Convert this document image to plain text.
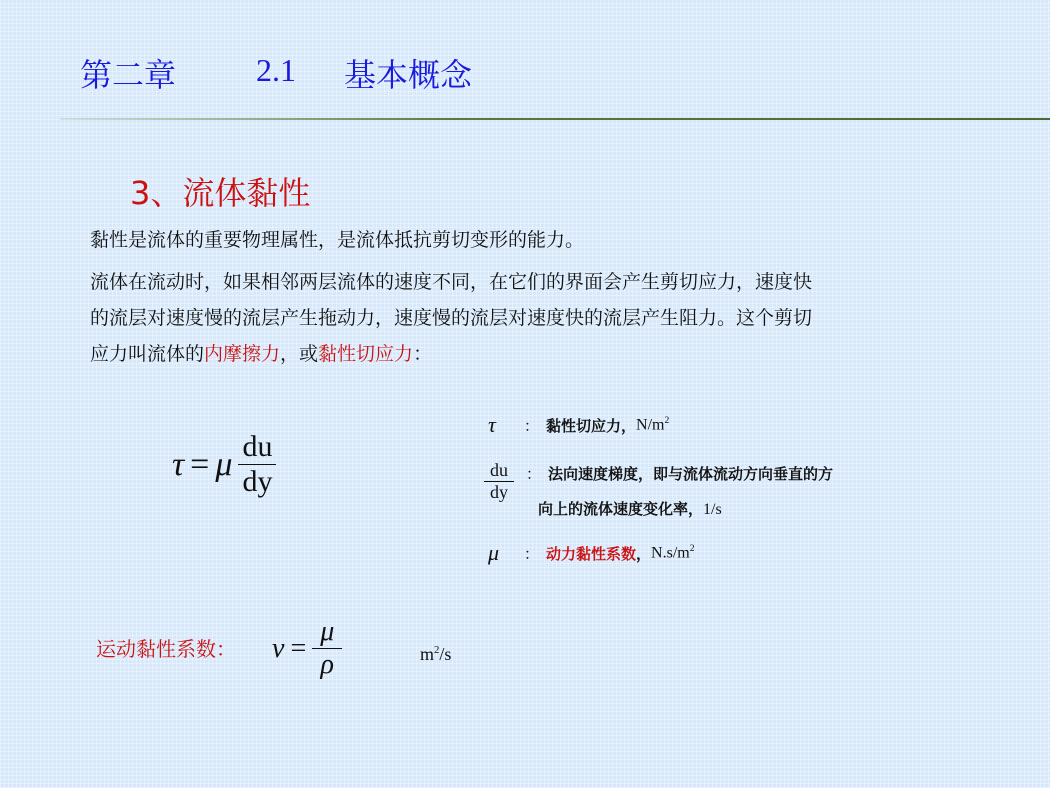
第二章 2.1 基本概念
3、流体黏性
黏性是流体的重要物理属性，是流体抵抗剪切变形的能力。
流体在流动时，如果相邻两层流体的速度不同，在它们的界面会产生剪切应力，速度快
的流层对速度慢的流层产生拖动力，速度慢的流层对速度快的流层产生阻力。这个剪切
应力叫流体的内摩擦力，或黏性切应力：
τ = μ $\frac{du}{dy}$
τ	： 黏性切应力， $N/m^2$
$\frac{du}{dy}$ ： 法向速度梯度，即与流体流动方向垂直的方
向上的流体速度变化率，1/s
μ	： 动力黏性系数 ， $N.s/m^2$
运动黏性系数： $\nu = \frac{\mu}{\rho}$	$m^2/s$
